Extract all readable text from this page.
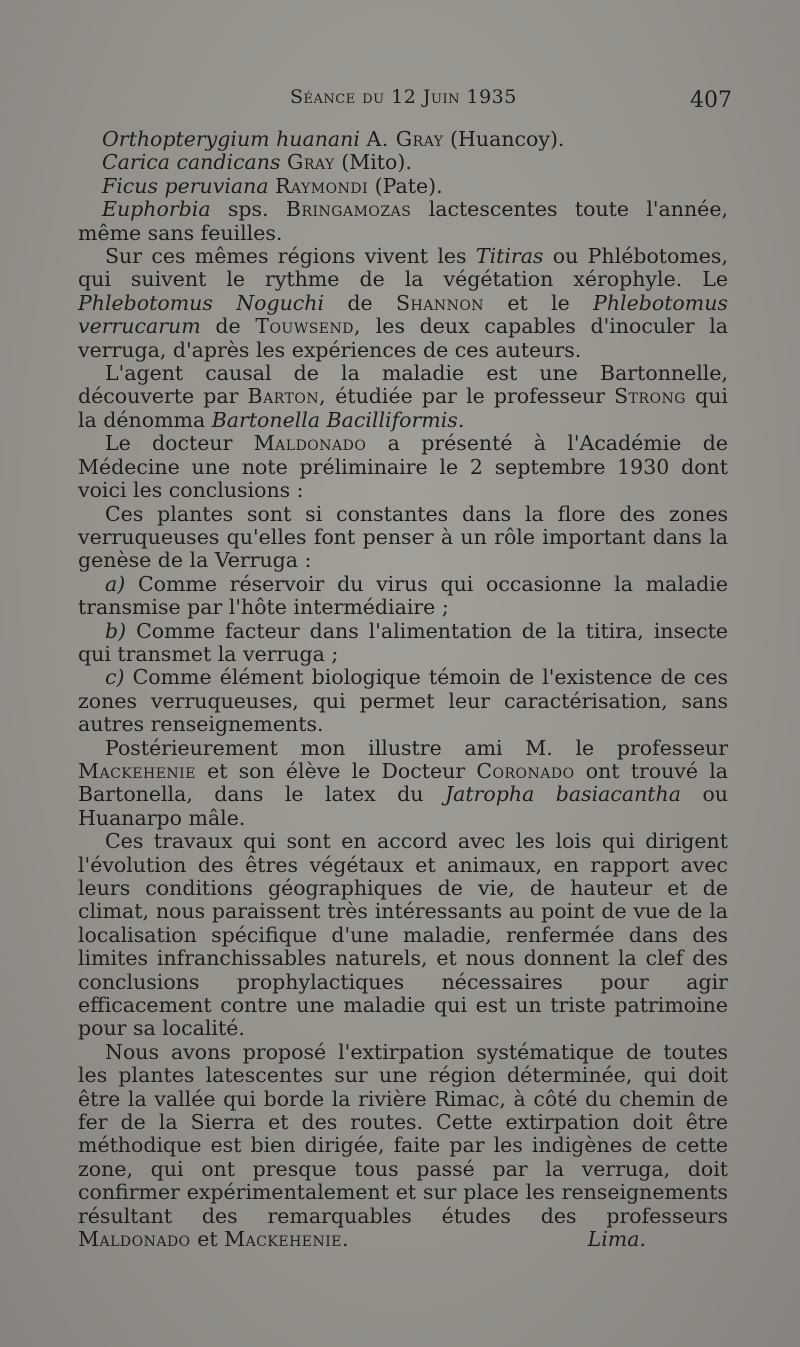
Séance du 12 Juin 1935	407

Orthopterygium huanani A. Gray (Huancoy).

Carica candicans Gray (Mito).

Ficus peruviana Raymondi (Pate).

Euphorbia sps. Bringamozas lactescentes toute l'année, même sans feuilles.

Sur ces mêmes régions vivent les Titiras ou Phlébotomes, qui suivent le rythme de la végétation xérophyle. Le Phlebotomus Noguchi de Shannon et le Phlebotomus verrucarum de Touwsend, les deux capables d'inoculer la verruga, d'après les expériences de ces auteurs.

L'agent causal de la maladie est une Bartonnelle, découverte par Barton, étudiée par le professeur Strong qui la dénomma Bartonella Bacilliformis.

Le docteur Maldonado a présenté à l'Académie de Médecine une note préliminaire le 2 septembre 1930 dont voici les conclusions :

Ces plantes sont si constantes dans la flore des zones verruqueuses qu'elles font penser à un rôle important dans la genèse de la Verruga :

a) Comme réservoir du virus qui occasionne la maladie transmise par l'hôte intermédiaire ;

b) Comme facteur dans l'alimentation de la titira, insecte qui transmet la verruga ;

c) Comme élément biologique témoin de l'existence de ces zones verruqueuses, qui permet leur caractérisation, sans autres renseignements.

Postérieurement mon illustre ami M. le professeur Mackehenie et son élève le Docteur Coronado ont trouvé la Bartonella, dans le latex du Jatropha basiacantha ou Huanarpo mâle.

Ces travaux qui sont en accord avec les lois qui dirigent l'évolution des êtres végétaux et animaux, en rapport avec leurs conditions géographiques de vie, de hauteur et de climat, nous paraissent très intéressants au point de vue de la localisation spécifique d'une maladie, renfermée dans des limites infranchissables naturels, et nous donnent la clef des conclusions prophylactiques nécessaires pour agir efficacement contre une maladie qui est un triste patrimoine pour sa localité.

Nous avons proposé l'extirpation systématique de toutes les plantes latescentes sur une région déterminée, qui doit être la vallée qui borde la rivière Rimac, à côté du chemin de fer de la Sierra et des routes. Cette extirpation doit être méthodique est bien dirigée, faite par les indigènes de cette zone, qui ont presque tous passé par la verruga, doit confirmer expérimentalement et sur place les renseignements résultant des remarquables études des professeurs Maldonado et Mackehenie.	Lima.
